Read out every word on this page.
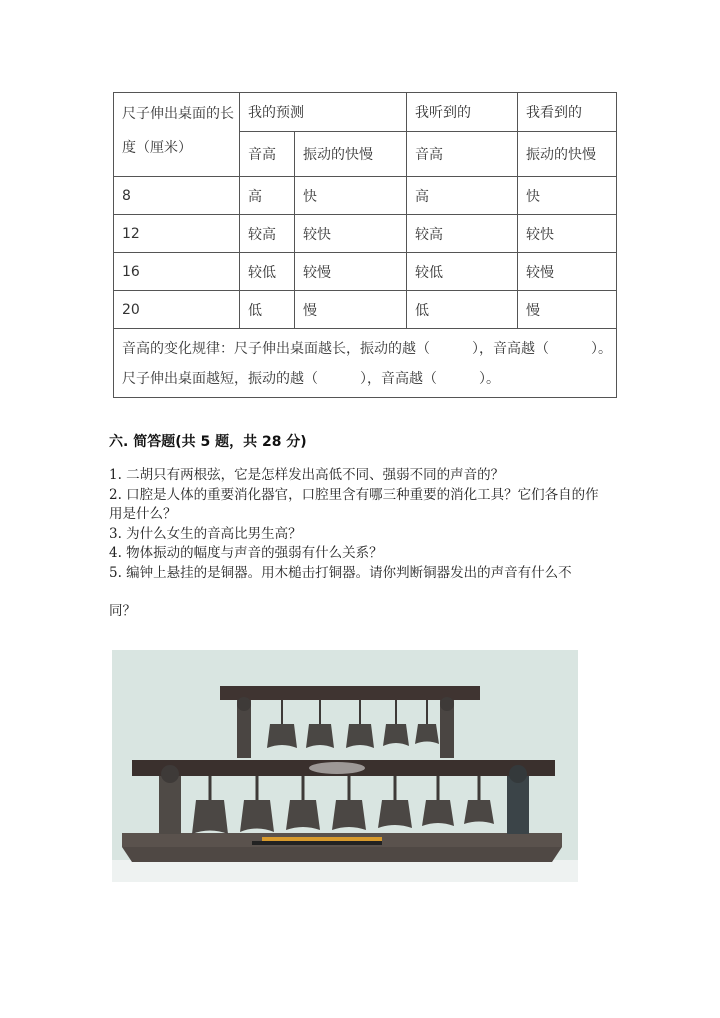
尺子伸出桌面的长度（厘米）	我的预测		我听到的	我看到的
	音高	振动的快慢	音高	振动的快慢
8	高	快	高	快
12	较高	较快	较高	较快
16	较低	较慢	较低	较慢
20	低	慢	低	慢

音高的变化规律：尺子伸出桌面越长，振动的越（　　　），音高越（　　　）。
尺子伸出桌面越短，振动的越（　　　），音高越（　　　）。				
六. 简答题(共 5 题，共 28 分)
1. 二胡只有两根弦，它是怎样发出高低不同、强弱不同的声音的？
2. 口腔是人体的重要消化器官，口腔里含有哪三种重要的消化工具？它们各自的作用是什么？
3. 为什么女生的音高比男生高？
4. 物体振动的幅度与声音的强弱有什么关系？
5. 编钟上悬挂的是铜器。用木槌击打铜器。请你判断铜器发出的声音有什么不
同？
